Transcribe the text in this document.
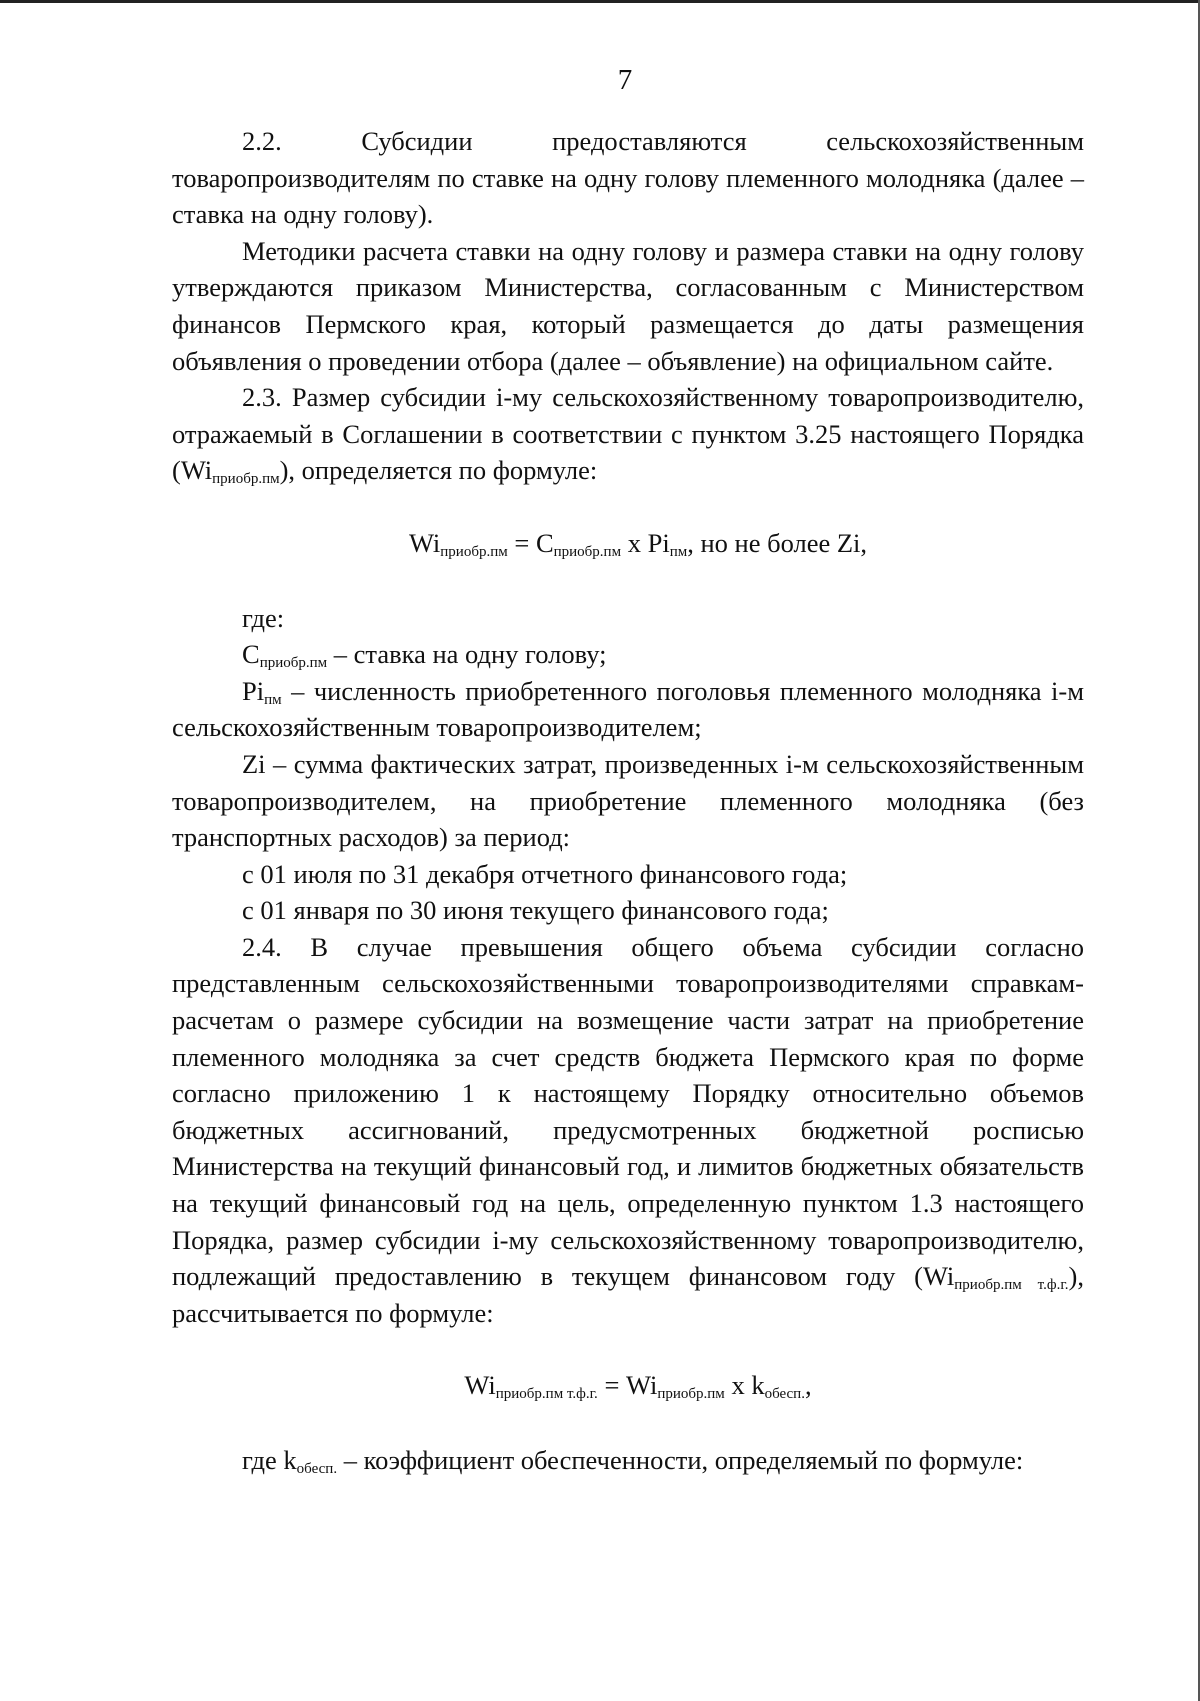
7

2.2. Субсидии предоставляются сельскохозяйственным товаропроизводителям по ставке на одну голову племенного молодняка (далее – ставка на одну голову).

Методики расчета ставки на одну голову и размера ставки на одну голову утверждаются приказом Министерства, согласованным с Министерством финансов Пермского края, который размещается до даты размещения объявления о проведении отбора (далее – объявление) на официальном сайте.

2.3. Размер субсидии i-му сельскохозяйственному товаропроизводителю, отражаемый в Соглашении в соответствии с пунктом 3.25 настоящего Порядка $(Wi_{приобр.пм})$, определяется по формуле:

$Wi_{приобр.пм} = C_{приобр.пм}$ x $Pi_{пм}$, но не более Zi,

где:

$C_{приобр.пм}$ – ставка на одну голову;

$Pi_{пм}$ – численность приобретенного поголовья племенного молодняка i-м сельскохозяйственным товаропроизводителем;

Zi – сумма фактических затрат, произведенных i-м сельскохозяйственным товаропроизводителем, на приобретение племенного молодняка (без транспортных расходов) за период:

с 01 июля по 31 декабря отчетного финансового года;

с 01 января по 30 июня текущего финансового года;

2.4. В случае превышения общего объема субсидии согласно представленным сельскохозяйственными товаропроизводителями справкам-расчетам о размере субсидии на возмещение части затрат на приобретение племенного молодняка за счет средств бюджета Пермского края по форме согласно приложению 1 к настоящему Порядку относительно объемов бюджетных ассигнований, предусмотренных бюджетной росписью Министерства на текущий финансовый год, и лимитов бюджетных обязательств на текущий финансовый год на цель, определенную пунктом 1.3 настоящего Порядка, размер субсидии i-му сельскохозяйственному товаропроизводителю, подлежащий предоставлению в текущем финансовом году $(Wi_{приобр.пм т.ф.г.})$, рассчитывается по формуле:

$Wi_{приобр.пм т.ф.г.} = Wi_{приобр.пм}$ x $k_{обесп.}$,

где $k_{обесп.}$ – коэффициент обеспеченности, определяемый по формуле:
